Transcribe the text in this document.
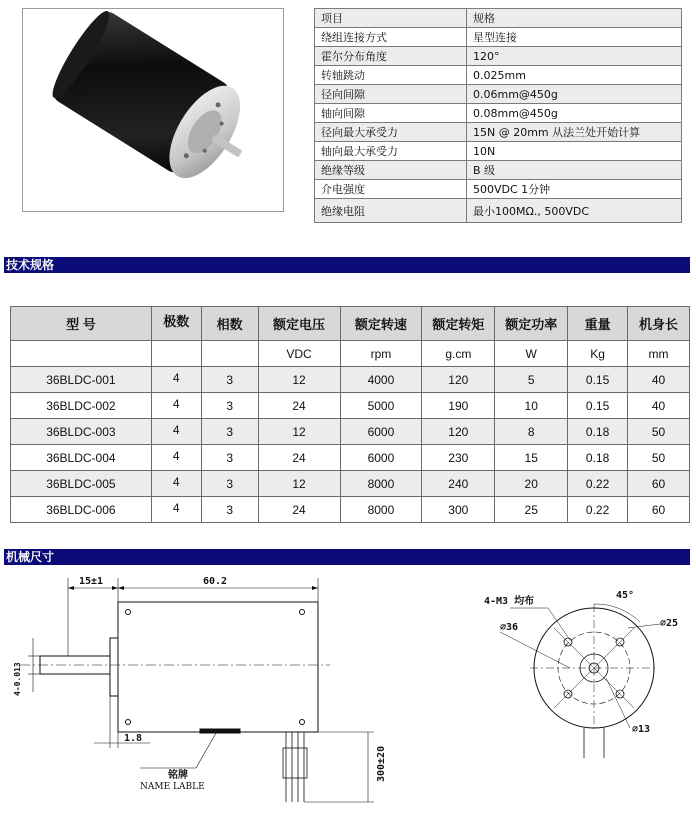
项目	规格
绕组连接方式	星型连接
霍尔分布角度	120°
转轴跳动	0.025mm
径向间隙	0.06mm@450g
轴向间隙	0.08mm@450g
径向最大承受力	15N @ 20mm 从法兰处开始计算
轴向最大承受力	10N
绝缘等级	B 级
介电强度	500VDC 1分钟
绝缘电阻	最小100MΩ., 500VDC
技术规格
型 号	极数	相数	额定电压	额定转速	额定转矩	额定功率	重量	机身长
			VDC	rpm	g.cm	W	Kg	mm
36BLDC-001	4	3	12	4000	120	5	0.15	40
36BLDC-002	4	3	24	5000	190	10	0.15	40
36BLDC-003	4	3	12	6000	120	8	0.18	50
36BLDC-004	4	3	24	6000	230	15	0.18	50
36BLDC-005	4	3	12	8000	240	20	0.22	60
36BLDC-006	4	3	24	8000	300	25	0.22	60
机械尺寸
15±1	60.2
4-0.013
1.8
铭牌
NAME LABLE
300±20
4-M3 均布
45°
⌀36	⌀25
⌀13
